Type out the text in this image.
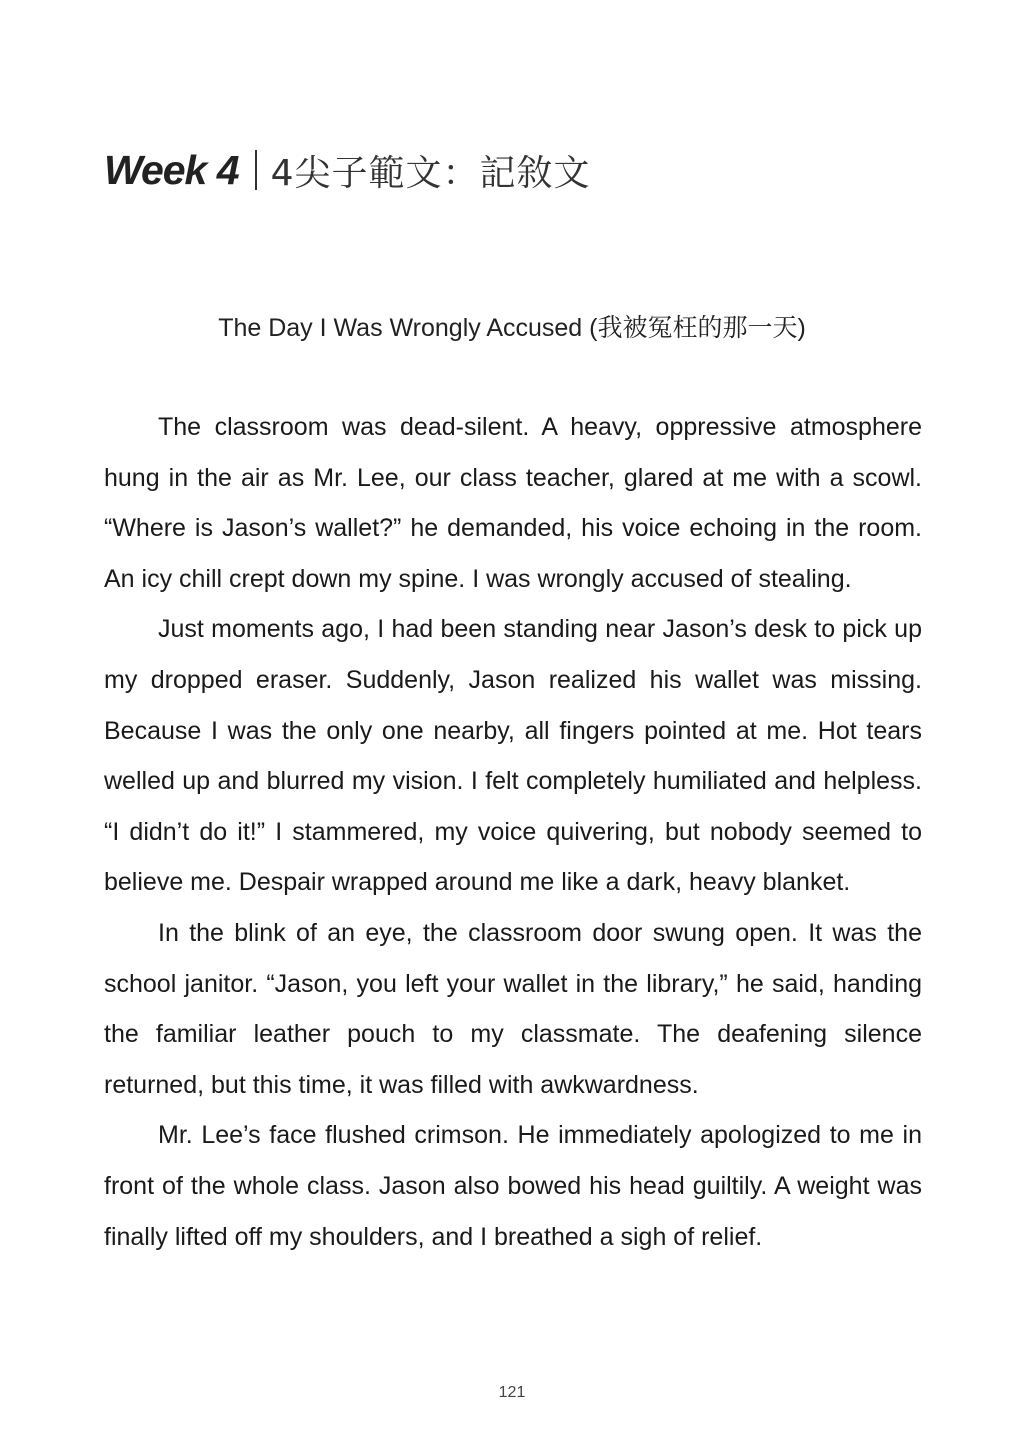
Week 4 4尖子範文：記敘文
The Day I Was Wrongly Accused (我被冤枉的那一天)

The classroom was dead-silent. A heavy, oppressive atmosphere hung in the air as Mr. Lee, our class teacher, glared at me with a scowl. “Where is Jason’s wallet?” he demanded, his voice echoing in the room. An icy chill crept down my spine. I was wrongly accused of stealing.

Just moments ago, I had been standing near Jason’s desk to pick up my dropped eraser. Suddenly, Jason realized his wallet was missing. Because I was the only one nearby, all fingers pointed at me. Hot tears welled up and blurred my vision. I felt completely humiliated and helpless. “I didn’t do it!” I stammered, my voice quivering, but nobody seemed to believe me. Despair wrapped around me like a dark, heavy blanket.

In the blink of an eye, the classroom door swung open. It was the school janitor. “Jason, you left your wallet in the library,” he said, handing the familiar leather pouch to my classmate. The deafening silence returned, but this time, it was filled with awkwardness.

Mr. Lee’s face flushed crimson. He immediately apologized to me in front of the whole class. Jason also bowed his head guiltily. A weight was finally lifted off my shoulders, and I breathed a sigh of relief.

121
